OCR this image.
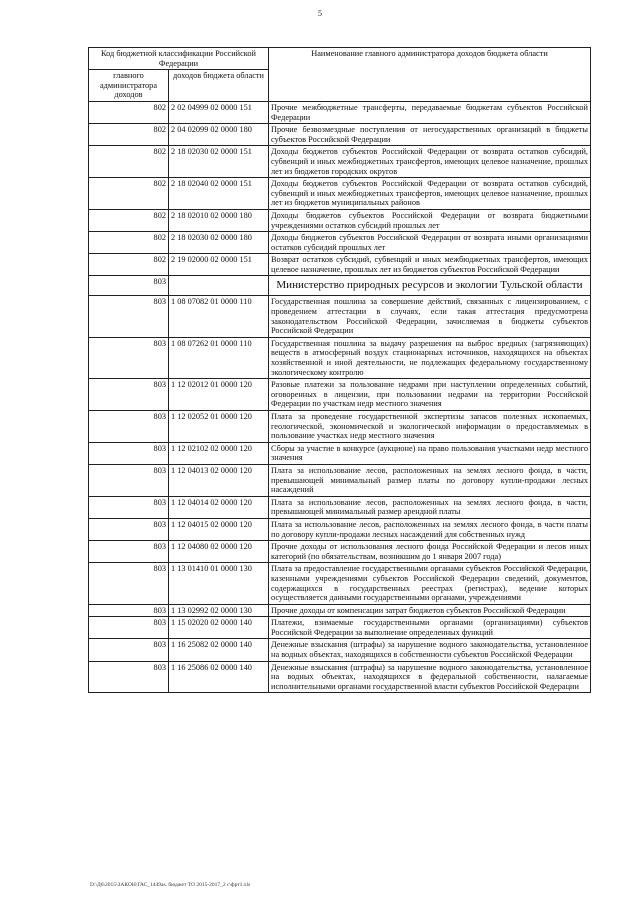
5
Код бюджетной классификации Российской Федерации		Наименование главного администратора доходов бюджета области
главного администратора доходов	доходов бюджета области	
802	2 02 04999 02 0000 151	Прочие межбюджетные трансферты, передаваемые бюджетам субъектов Российской Федерации
802	2 04 02099 02 0000 180	Прочие безвозмездные поступления от негосударственных организаций в бюджеты субъектов Российской Федерации
802	2 18 02030 02 0000 151	Доходы бюджетов субъектов Российской Федерации от возврата остатков субсидий, субвенций и иных межбюджетных трансфертов, имеющих целевое назначение, прошлых лет из бюджетов городских округов
802	2 18 02040 02 0000 151	Доходы бюджетов субъектов Российской Федерации от возврата остатков субсидий, субвенций и иных межбюджетных трансфертов, имеющих целевое назначение, прошлых лет из бюджетов муниципальных районов
802	2 18 02010 02 0000 180	Доходы бюджетов субъектов Российской Федерации от возврата бюджетными учреждениями остатков субсидий прошлых лет
802	2 18 02030 02 0000 180	Доходы бюджетов субъектов Российской Федерации от возврата иными организациями остатков субсидий прошлых лет
802	2 19 02000 02 0000 151	Возврат остатков субсидий, субвенций и иных межбюджетных трансфертов, имеющих целевое назначение, прошлых лет из бюджетов субъектов Российской Федерации
803		Министерство природных ресурсов и экологии Тульской области
803	1 08 07082 01 0000 110	Государственная пошлина за совершение действий, связанных с лицензированием, с проведением аттестации в случаях, если такая аттестация предусмотрена законодательством Российской Федерации, зачисляемая в бюджеты субъектов Российской Федерации
803	1 08 07262 01 0000 110	Государственная пошлина за выдачу разрешения на выброс вредных (загрязняющих) веществ в атмосферный воздух стационарных источников, находящихся на объектах хозяйственной и иной деятельности, не подлежащих федеральному государственному экологическому контролю
803	1 12 02012 01 0000 120	Разовые платежи за пользование недрами при наступлении определенных событий, оговоренных в лицензии, при пользовании недрами на территории Российской Федерации по участкам недр местного значения
803	1 12 02052 01 0000 120	Плата за проведение государственной экспертизы запасов полезных ископаемых, геологической, экономической и экологической информации о предоставляемых в пользование участках недр местного значения
803	1 12 02102 02 0000 120	Сборы за участие в конкурсе (аукционе) на право пользования участками недр местного значения
803	1 12 04013 02 0000 120	Плата за использование лесов, расположенных на землях лесного фонда, в части, превышающей минимальный размер платы по договору купли-продажи лесных насаждений
803	1 12 04014 02 0000 120	Плата за использование лесов, расположенных на землях лесного фонда, в части, превышающей минимальный размер арендной платы
803	1 12 04015 02 0000 120	Плата за использование лесов, расположенных на землях лесного фонда, в части платы по договору купли-продажи лесных насаждений для собственных нужд
803	1 12 04080 02 0000 120	Прочие доходы от использования лесного фонда Российской Федерации и лесов иных категорий (по обязательствам, возникшим до 1 января 2007 года)
803	1 13 01410 01 0000 130	Плата за предоставление государственными органами субъектов Российской Федерации, казенными учреждениями субъектов Российской Федерации сведений, документов, содержащихся в государственных реестрах (регистрах), ведение которых осуществляется данными государственными органами, учреждениями
803	1 13 02992 02 0000 130	Прочие доходы от компенсации затрат бюджетов субъектов Российской Федерации
803	1 15 02020 02 0000 140	Платежи, взимаемые государственными органами (организациями) субъектов Российской Федерации за выполнение определенных функций
803	1 16 25082 02 0000 140	Денежные взыскания (штрафы) за нарушение водного законодательства, установленное на водных объектах, находящихся в собственности субъектов Российской Федерации
803	1 16 25086 02 0000 140	Денежные взыскания (штрафы) за нарушение водного законодательства, установленное на водных объектах, находящихся в федеральной собственности, налагаемые исполнительными органами государственной власти субъектов Российской Федерации
D:\Д6\2015\ЗАКОН\ГАС_1449as. бюджет ТО 2015-2017_2 с\фрт1.xls
